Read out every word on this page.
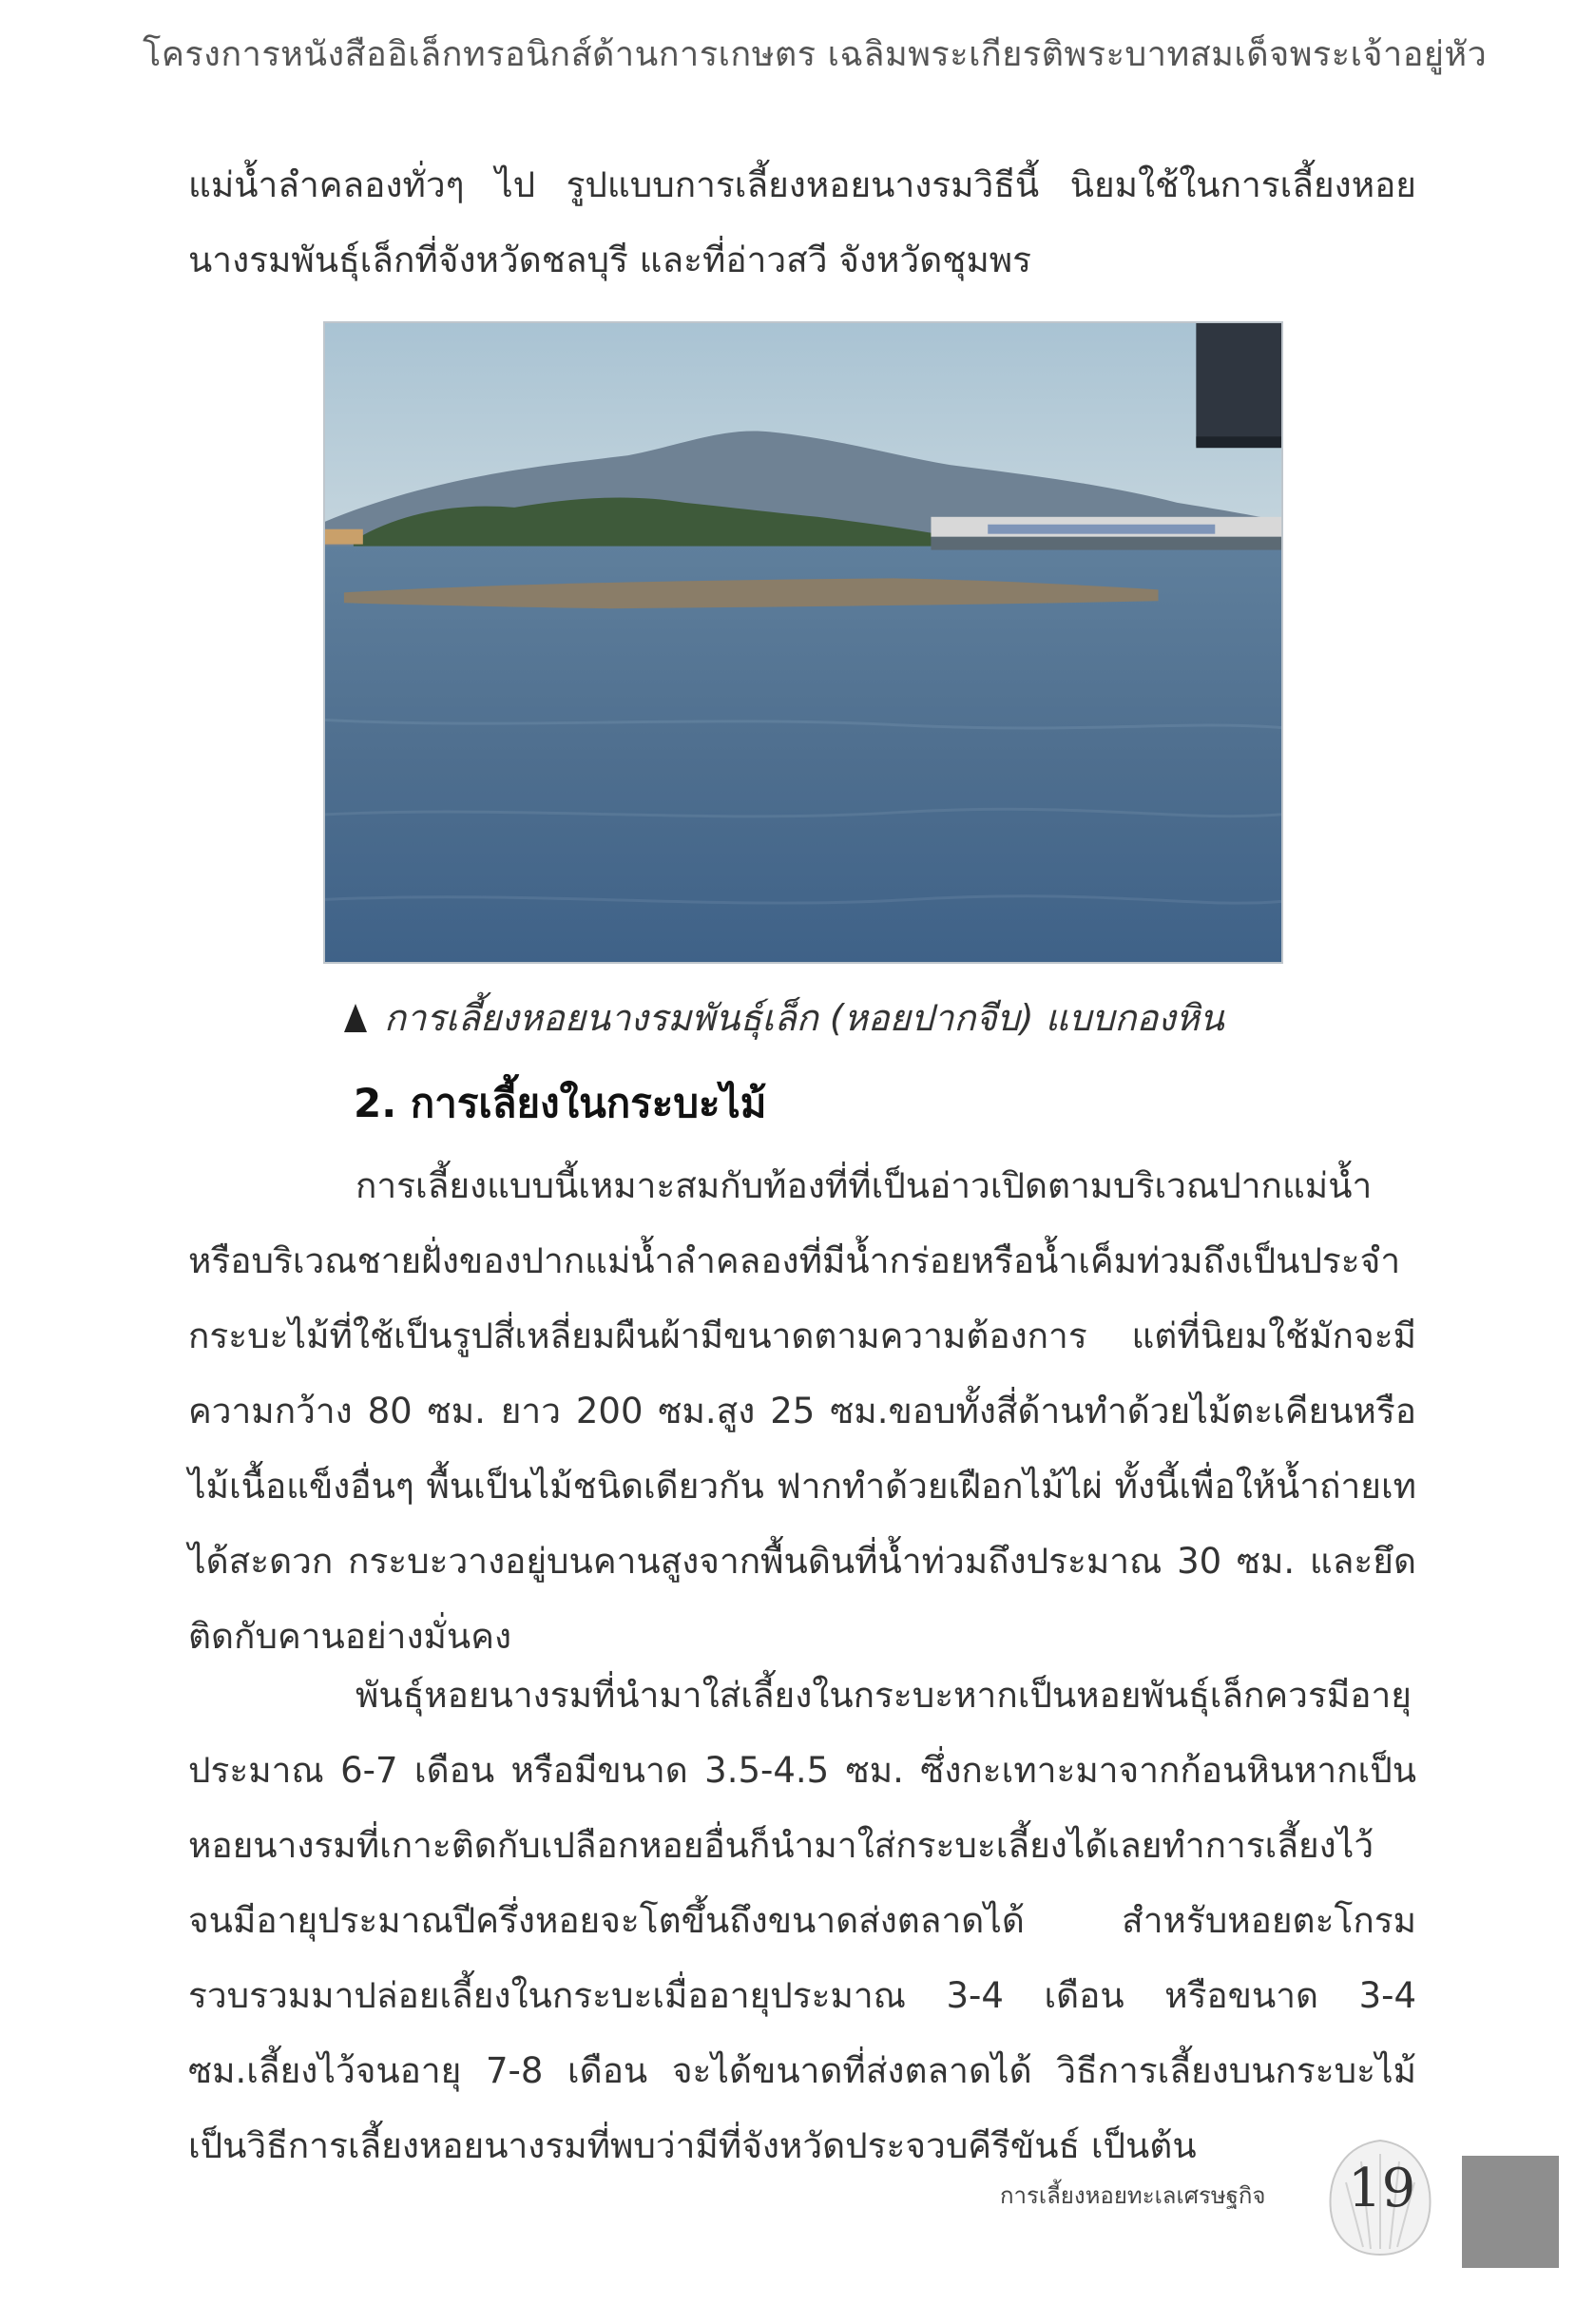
โครงการหนังสืออิเล็กทรอนิกส์ด้านการเกษตร เฉลิมพระเกียรติพระบาทสมเด็จพระเจ้าอยู่หัว
แม่น้ำลำคลองทั่วๆ ไป รูปแบบการเลี้ยงหอยนางรมวิธีนี้ นิยมใช้ในการเลี้ยงหอยนางรมพันธุ์เล็กที่จังหวัดชลบุรี และที่อ่าวสวี จังหวัดชุมพร
การเลี้ยงหอยนางรมพันธุ์เล็ก (หอยปากจีบ) แบบกองหิน
2. การเลี้ยงในกระบะไม้
การเลี้ยงแบบนี้เหมาะสมกับท้องที่ที่เป็นอ่าวเปิดตามบริเวณปากแม่น้ำหรือบริเวณชายฝั่งของปากแม่น้ำลำคลองที่มีน้ำกร่อยหรือน้ำเค็มท่วมถึงเป็นประจำ กระบะไม้ที่ใช้เป็นรูปสี่เหลี่ยมผืนผ้ามีขนาดตามความต้องการ แต่ที่นิยมใช้มักจะมีความกว้าง 80 ซม. ยาว 200 ซม.สูง 25 ซม.ขอบทั้งสี่ด้านทำด้วยไม้ตะเคียนหรือไม้เนื้อแข็งอื่นๆ พื้นเป็นไม้ชนิดเดียวกัน ฟากทำด้วยเฝือกไม้ไผ่ ทั้งนี้เพื่อให้น้ำถ่ายเทได้สะดวก กระบะวางอยู่บนคานสูงจากพื้นดินที่น้ำท่วมถึงประมาณ 30 ซม. และยึดติดกับคานอย่างมั่นคง
พันธุ์หอยนางรมที่นำมาใส่เลี้ยงในกระบะหากเป็นหอยพันธุ์เล็กควรมีอายุประมาณ 6-7 เดือน หรือมีขนาด 3.5-4.5 ซม. ซึ่งกะเทาะมาจากก้อนหินหากเป็นหอยนางรมที่เกาะติดกับเปลือกหอยอื่นก็นำมาใส่กระบะเลี้ยงได้เลยทำการเลี้ยงไว้จนมีอายุประมาณปีครึ่งหอยจะโตขึ้นถึงขนาดส่งตลาดได้ สำหรับหอยตะโกรมรวบรวมมาปล่อยเลี้ยงในกระบะเมื่ออายุประมาณ 3-4 เดือน หรือขนาด 3-4 ซม.เลี้ยงไว้จนอายุ 7-8 เดือน จะได้ขนาดที่ส่งตลาดได้ วิธีการเลี้ยงบนกระบะไม้เป็นวิธีการเลี้ยงหอยนางรมที่พบว่ามีที่จังหวัดประจวบคีรีขันธ์ เป็นต้น
การเลี้ยงหอยทะเลเศรษฐกิจ 19
